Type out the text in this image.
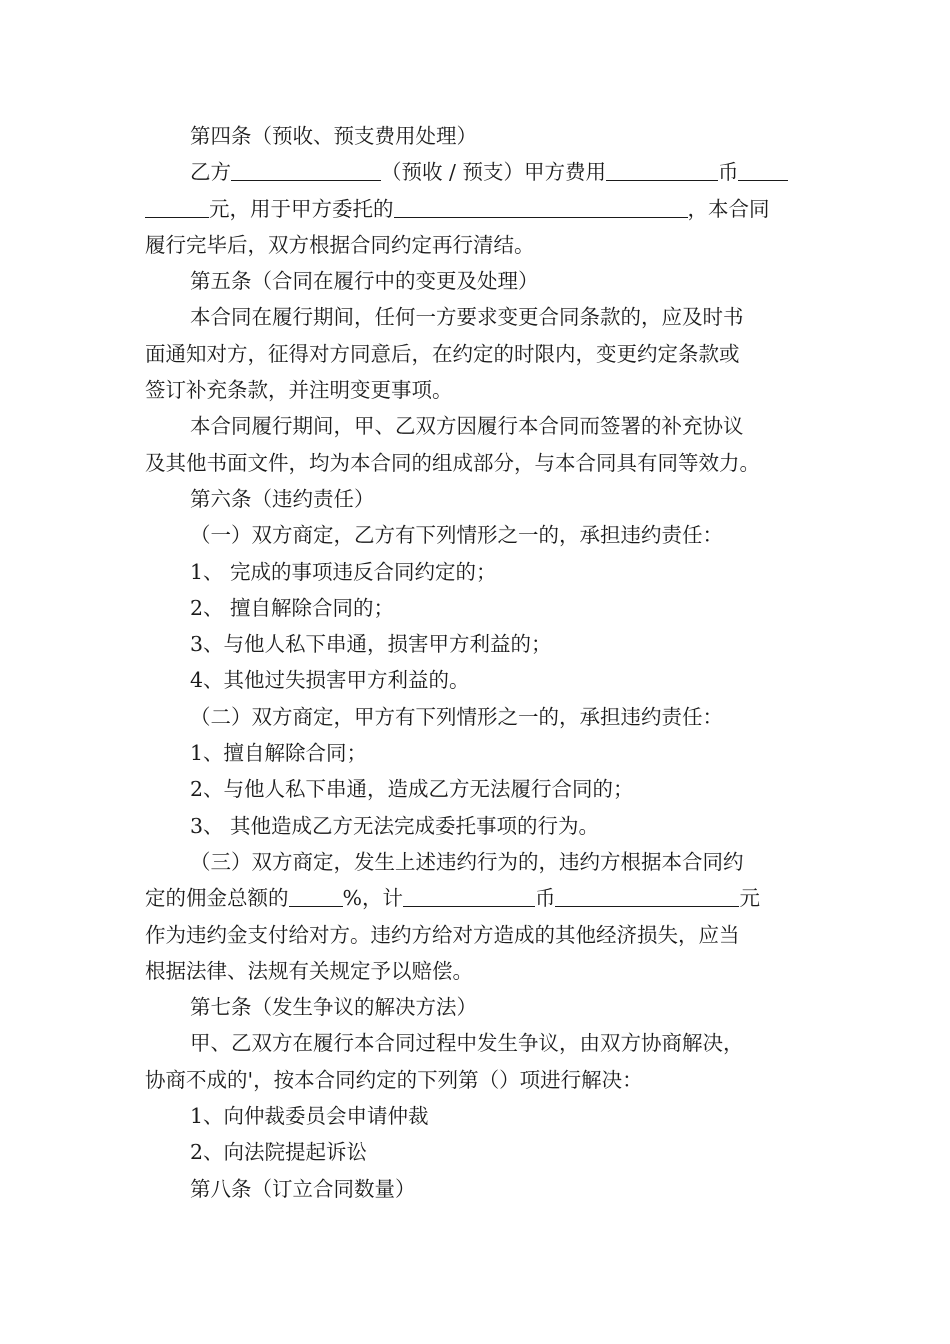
第四条（预收、预支费用处理）

乙方	（预收 / 预支）甲方费用	币

元，用于甲方委托的	，本合同

履行完毕后，双方根据合同约定再行清结。

第五条（合同在履行中的变更及处理）

本合同在履行期间，任何一方要求变更合同条款的，应及时书

面通知对方，征得对方同意后，在约定的时限内，变更约定条款或

签订补充条款，并注明变更事项。

本合同履行期间，甲、乙双方因履行本合同而签署的补充协议

及其他书面文件，均为本合同的组成部分，与本合同具有同等效力。

第六条（违约责任）

（一）双方商定，乙方有下列情形之一的，承担违约责任：

1、 完成的事项违反合同约定的；

2、 擅自解除合同的；

3、与他人私下串通，损害甲方利益的；

4、其他过失损害甲方利益的。

（二）双方商定，甲方有下列情形之一的，承担违约责任：

1、擅自解除合同；

2、与他人私下串通，造成乙方无法履行合同的；

3、 其他造成乙方无法完成委托事项的行为。

（三）双方商定，发生上述违约行为的，违约方根据本合同约

定的佣金总额的	%，计	币	元

作为违约金支付给对方。违约方给对方造成的其他经济损失，应当

根据法律、法规有关规定予以赔偿。

第七条（发生争议的解决方法）

甲、乙双方在履行本合同过程中发生争议，由双方协商解决，

协商不成的'，按本合同约定的下列第（）项进行解决：

1、向仲裁委员会申请仲裁

2、向法院提起诉讼

第八条（订立合同数量）
